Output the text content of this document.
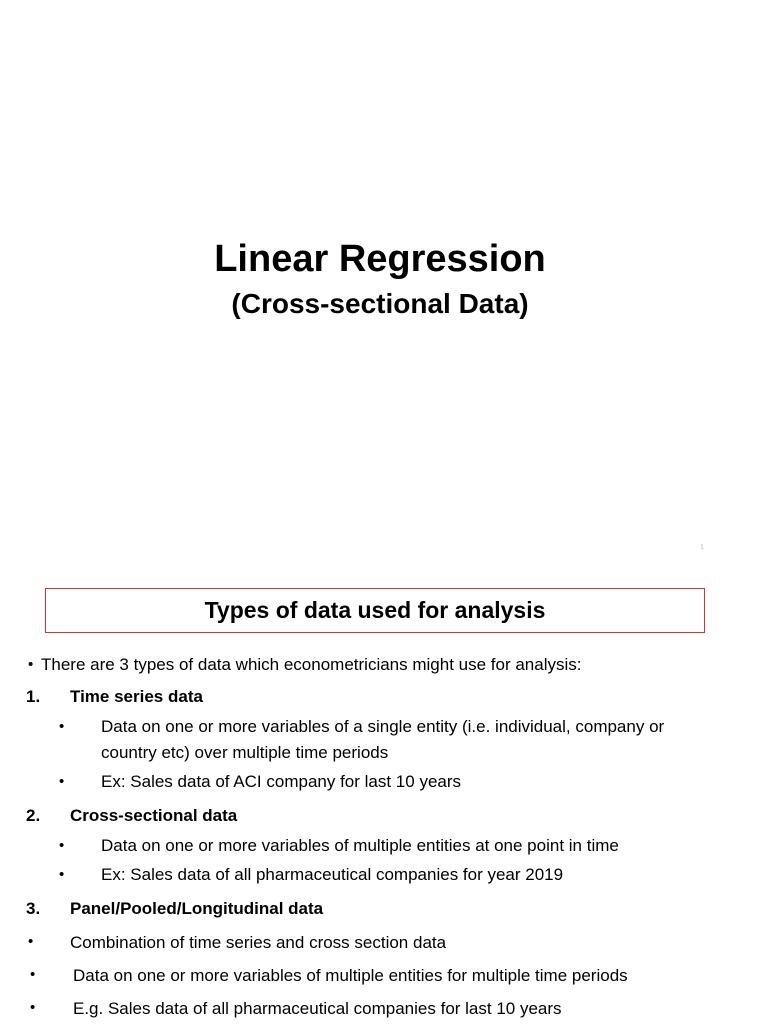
Linear Regression
(Cross-sectional Data)
1
Types of data used for analysis
• There are 3 types of data which econometricians might use for analysis:
1. Time series data
• Data on one or more variables of a single entity (i.e. individual, company or
country etc) over multiple time periods
• Ex: Sales data of ACI company for last 10 years
2. Cross-sectional data
• Data on one or more variables of multiple entities at one point in time
• Ex: Sales data of all pharmaceutical companies for year 2019
3. Panel/Pooled/Longitudinal data
• Combination of time series and cross section data
• Data on one or more variables of multiple entities for multiple time periods
• E.g. Sales data of all pharmaceutical companies for last 10 years
